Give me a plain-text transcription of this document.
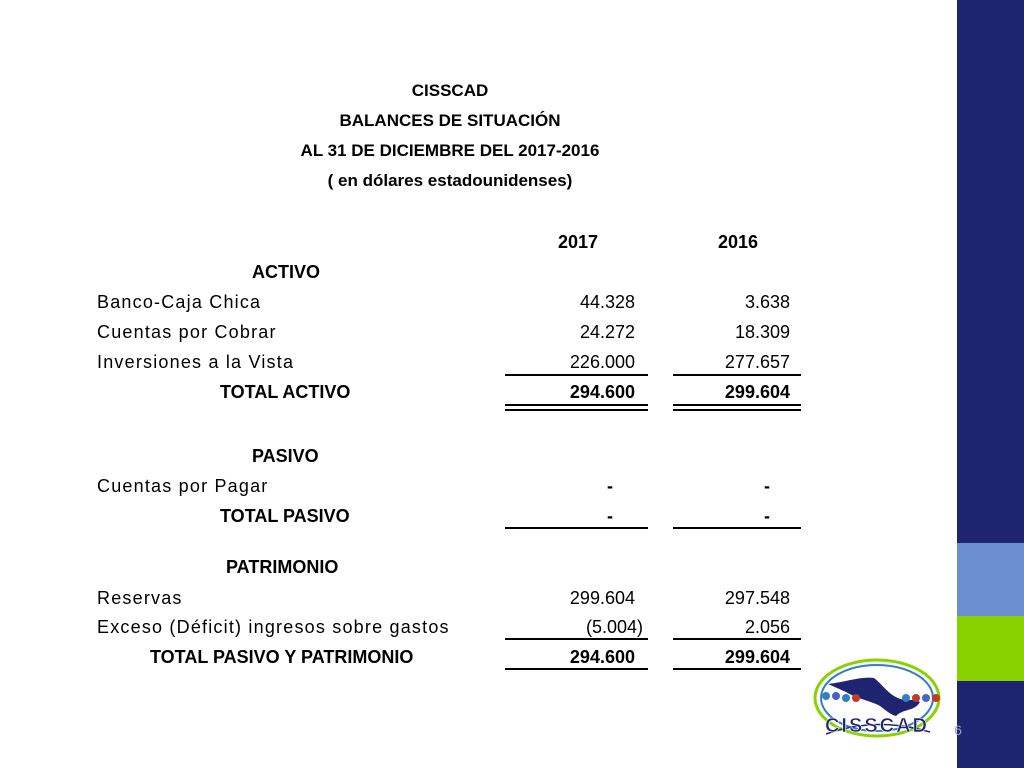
6
CISSCAD
BALANCES DE SITUACIÓN
AL 31 DE DICIEMBRE DEL 2017-2016
( en dólares estadounidenses)
2017	2016
ACTIVO
Banco-Caja Chica	44.328	3.638
Cuentas por Cobrar	24.272	18.309
Inversiones a la Vista	226.000	277.657
TOTAL ACTIVO	294.600	299.604
PASIVO
Cuentas por Pagar	-	-
TOTAL PASIVO	-	-
PATRIMONIO
Reservas	299.604	297.548
Exceso (Déficit) ingresos sobre gastos	(5.004)	2.056
TOTAL PASIVO Y PATRIMONIO	294.600	299.604
CISSCAD
